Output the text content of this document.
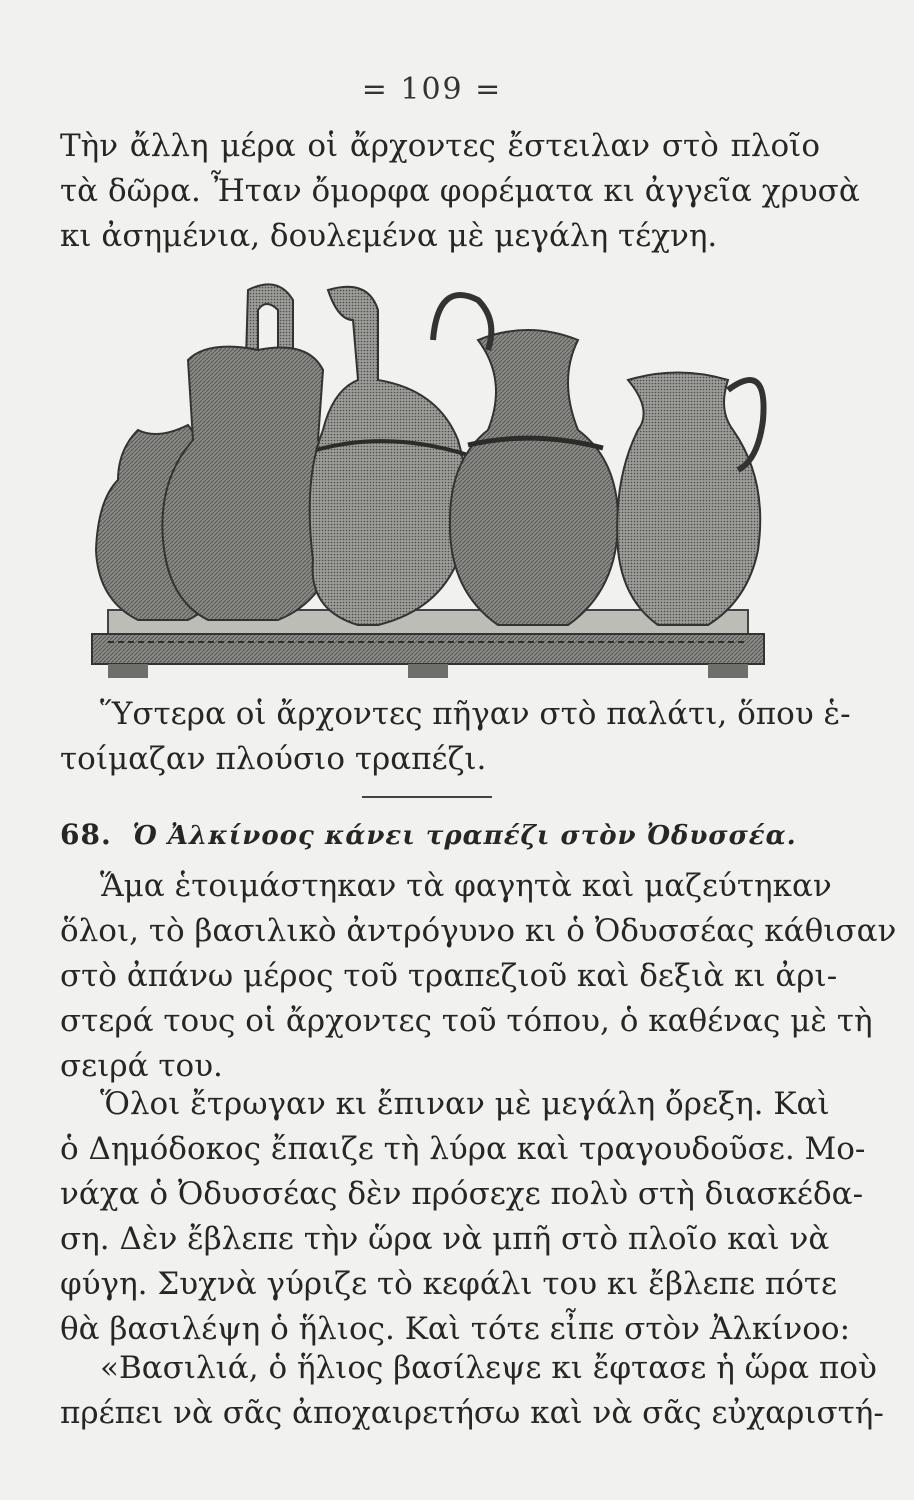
= 109 =

Τὴν ἄλλη μέρα οἱ ἄρχοντες ἔστειλαν στὸ πλοῖο
τὰ δῶρα. Ἦταν ὄμορφα φορέματα κι ἀγγεῖα χρυσὰ
κι ἀσημένια, δουλεμένα μὲ μεγάλη τέχνη.

Ὕστερα οἱ ἄρχοντες πῆγαν στὸ παλάτι, ὅπου ἑ-
τοίμαζαν πλούσιο τραπέζι.

68. Ὁ Ἀλκίνοος κάνει τραπέζι στὸν Ὀδυσσέα.

Ἅμα ἑτοιμάστηκαν τὰ φαγητὰ καὶ μαζεύτηκαν
ὅλοι, τὸ βασιλικὸ ἀντρόγυνο κι ὁ Ὀδυσσέας κάθισαν
στὸ ἀπάνω μέρος τοῦ τραπεζιοῦ καὶ δεξιὰ κι ἀρι-
στερά τους οἱ ἄρχοντες τοῦ τόπου, ὁ καθένας μὲ τὴ
σειρά του.

Ὅλοι ἔτρωγαν κι ἔπιναν μὲ μεγάλη ὄρεξη. Καὶ
ὁ Δημόδοκος ἔπαιζε τὴ λύρα καὶ τραγουδοῦσε. Μο-
νάχα ὁ Ὀδυσσέας δὲν πρόσεχε πολὺ στὴ διασκέδα-
ση. Δὲν ἔβλεπε τὴν ὥρα νὰ μπῆ στὸ πλοῖο καὶ νὰ
φύγη. Συχνὰ γύριζε τὸ κεφάλι του κι ἔβλεπε πότε
θὰ βασιλέψη ὁ ἥλιος. Καὶ τότε εἶπε στὸν Ἀλκίνοο:

«Βασιλιά, ὁ ἥλιος βασίλεψε κι ἔφτασε ἡ ὥρα ποὺ
πρέπει νὰ σᾶς ἀποχαιρετήσω καὶ νὰ σᾶς εὐχαριστή-
